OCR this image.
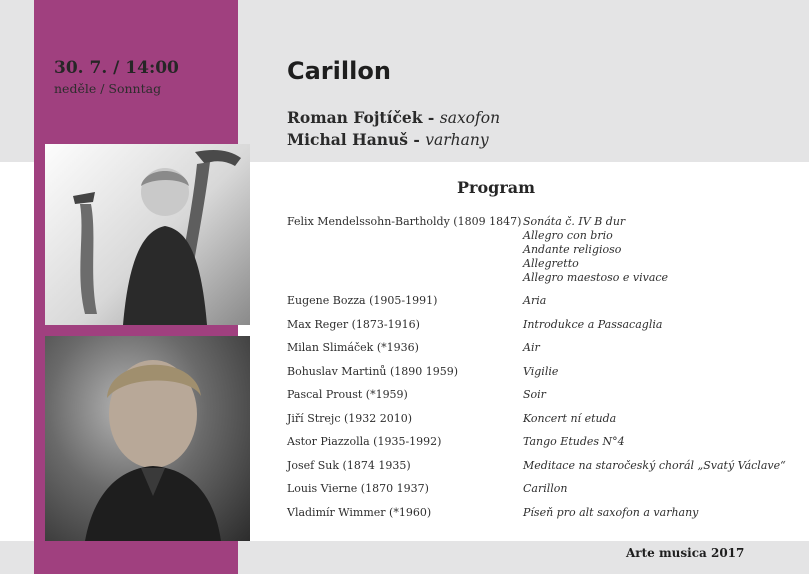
30. 7. / 14:00
neděle / Sonntag
Carillon
Roman Fojtíček - saxofon
Michal Hanuš - varhany
Program
Felix Mendelssohn-Bartholdy (1809 1847) Sonáta č. IV B dur
Allegro con brio
Andante religioso
Allegretto
Allegro maestoso e vivace
Eugene Bozza (1905-1991)	Aria
Max Reger (1873-1916)	Introdukce a Passacaglia
Milan Slimáček (*1936)	Air
Bohuslav Martinů (1890 1959)	Vigilie
Pascal Proust (*1959)	Soir
Jiří Strejc (1932 2010)	Koncert ní etuda
Astor Piazzolla (1935-1992)	Tango Etudes N°4
Josef Suk (1874 1935)	Meditace na staročeský chorál „Svatý Václave“
Louis Vierne (1870 1937)	Carillon
Vladimír Wimmer (*1960)	Píseň pro alt saxofon a varhany
Arte musica 2017
